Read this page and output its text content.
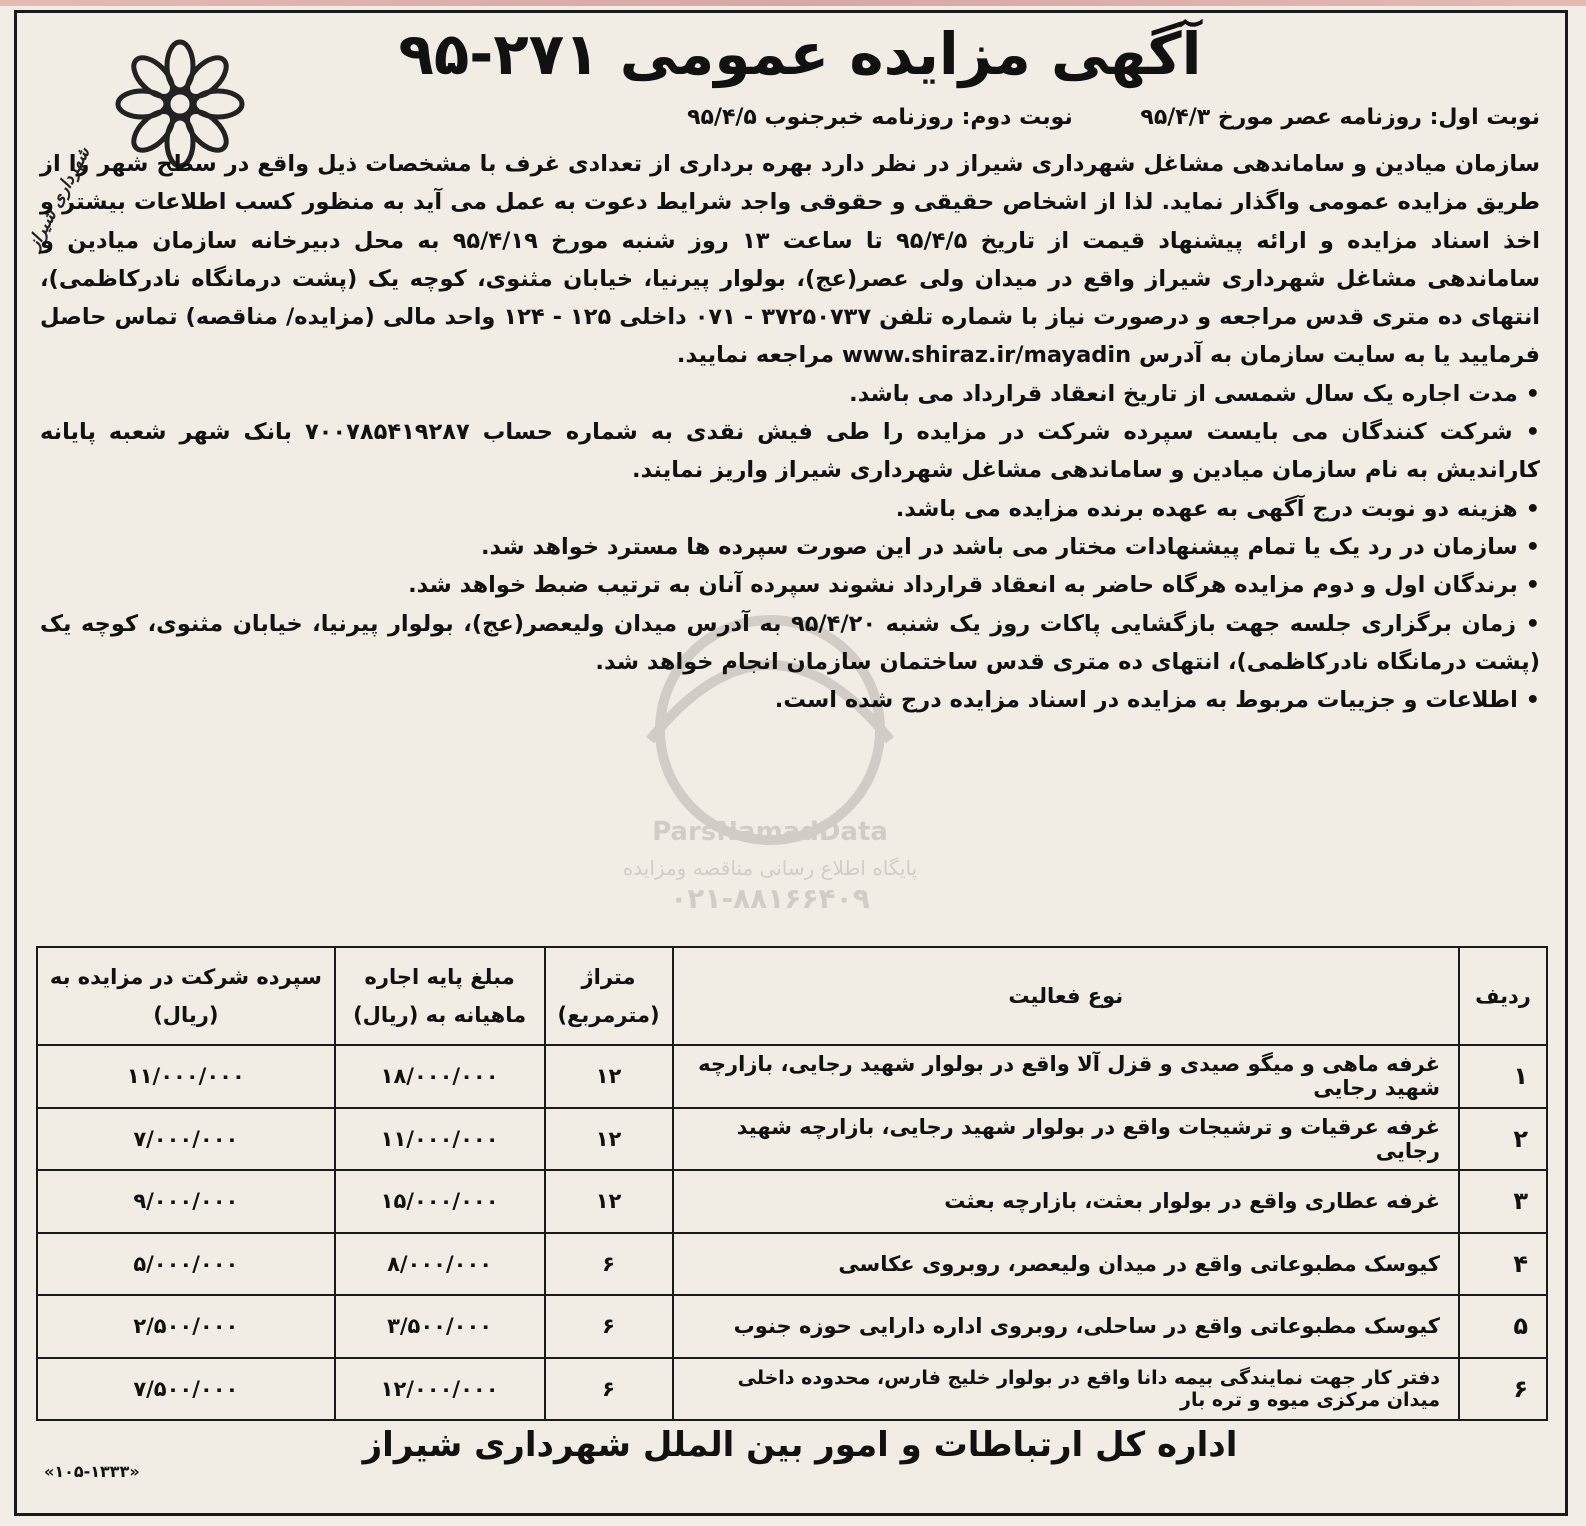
شهرداری شیراز
آگهی مزایده عمومی ۲۷۱-۹۵
نوبت اول: روزنامه عصر مورخ ۹۵/۴/۳ نوبت دوم: روزنامه خبرجنوب ۹۵/۴/۵

سازمان میادین و ساماندهی مشاغل شهرداری شیراز در نظر دارد بهره برداری از تعدادی غرف با مشخصات ذیل واقع در سطح شهر را از طریق مزایده عمومی واگذار نماید. لذا از اشخاص حقیقی و حقوقی واجد شرایط دعوت به عمل می آید به منظور کسب اطلاعات بیشتر و اخذ اسناد مزایده و ارائه پیشنهاد قیمت از تاریخ ۹۵/۴/۵ تا ساعت ۱۳ روز شنبه مورخ ۹۵/۴/۱۹ به محل دبیرخانه سازمان میادین و ساماندهی مشاغل شهرداری شیراز واقع در میدان ولی عصر(عج)، بولوار پیرنیا، خیابان مثنوی، کوچه یک (پشت درمانگاه نادرکاظمی)، انتهای ده متری قدس مراجعه و درصورت نیاز با شماره تلفن ۳۷۲۵۰۷۳۷ - ۰۷۱ داخلی ۱۲۵ - ۱۲۴ واحد مالی (مزایده/ مناقصه) تماس حاصل فرمایید یا به سایت سازمان به آدرس www.shiraz.ir/mayadin مراجعه نمایید.

• مدت اجاره یک سال شمسی از تاریخ انعقاد قرارداد می باشد.

• شرکت کنندگان می بایست سپرده شرکت در مزایده را طی فیش نقدی به شماره حساب ۷۰۰۷۸۵۴۱۹۲۸۷ بانک شهر شعبه پایانه کاراندیش به نام سازمان میادین و ساماندهی مشاغل شهرداری شیراز واریز نمایند.

• هزینه دو نوبت درج آگهی به عهده برنده مزایده می باشد.

• سازمان در رد یک یا تمام پیشنهادات مختار می باشد در این صورت سپرده ها مسترد خواهد شد.

• برندگان اول و دوم مزایده هرگاه حاضر به انعقاد قرارداد نشوند سپرده آنان به ترتیب ضبط خواهد شد.

• زمان برگزاری جلسه جهت بازگشایی پاکات روز یک شنبه ۹۵/۴/۲۰ به آدرس میدان ولیعصر(عج)، بولوار پیرنیا، خیابان مثنوی، کوچه یک (پشت درمانگاه نادرکاظمی)، انتهای ده متری قدس ساختمان سازمان انجام خواهد شد.

• اطلاعات و جزییات مربوط به مزایده در اسناد مزایده درج شده است.

ردیف	نوع فعالیت	متراژ (مترمربع)	مبلغ پایه اجاره ماهیانه به (ریال)	سپرده شرکت در مزایده به (ریال)
۱	غرفه ماهی و میگو صیدی و قزل آلا واقع در بولوار شهید رجایی، بازارچه شهید رجایی	۱۲	۱۸/۰۰۰/۰۰۰	۱۱/۰۰۰/۰۰۰
۲	غرفه عرقیات و ترشیجات واقع در بولوار شهید رجایی، بازارچه شهید رجایی	۱۲	۱۱/۰۰۰/۰۰۰	۷/۰۰۰/۰۰۰
۳	غرفه عطاری واقع در بولوار بعثت، بازارچه بعثت	۱۲	۱۵/۰۰۰/۰۰۰	۹/۰۰۰/۰۰۰
۴	کیوسک مطبوعاتی واقع در میدان ولیعصر، روبروی عکاسی	۶	۸/۰۰۰/۰۰۰	۵/۰۰۰/۰۰۰
۵	کیوسک مطبوعاتی واقع در ساحلی، روبروی اداره دارایی حوزه جنوب	۶	۳/۵۰۰/۰۰۰	۲/۵۰۰/۰۰۰
۶	دفتر کار جهت نمایندگی بیمه دانا واقع در بولوار خلیج فارس، محدوده داخلی میدان مرکزی میوه و تره بار	۶	۱۲/۰۰۰/۰۰۰	۷/۵۰۰/۰۰۰
اداره کل ارتباطات و امور بین الملل شهرداری شیراز
«۱۰۵-۱۳۳۳»
